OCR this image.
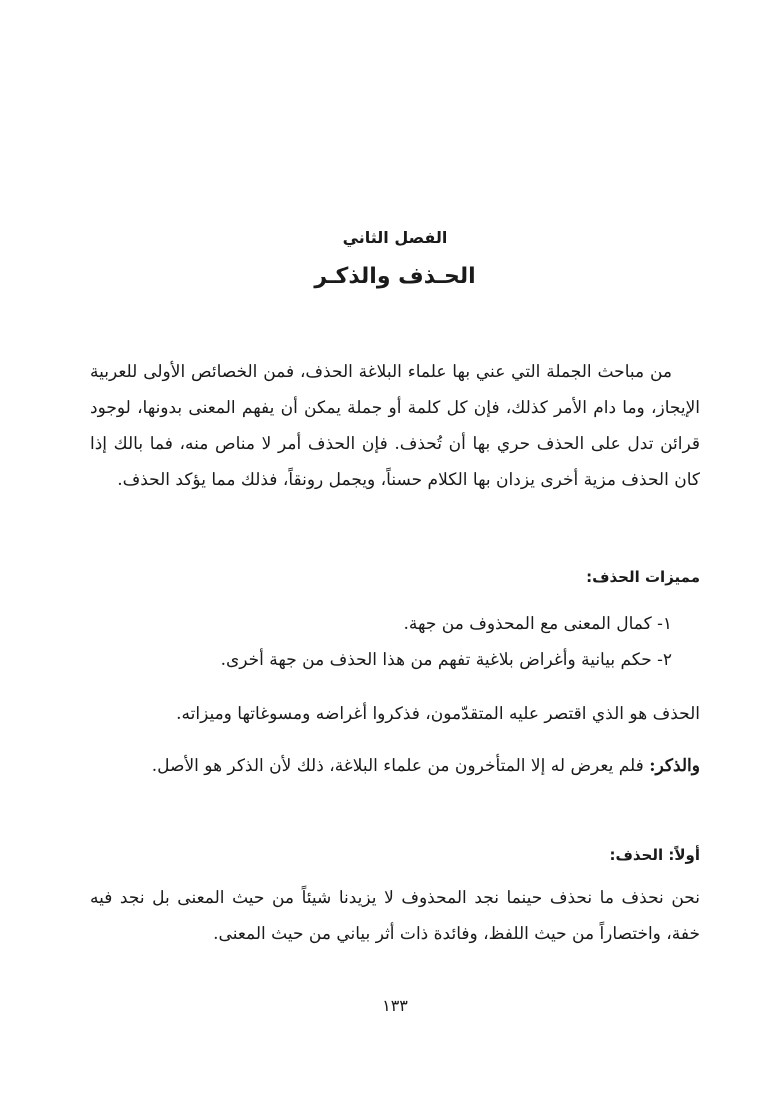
الفصل الثاني
الحـذف والذكـر
من مباحث الجملة التي عني بها علماء البلاغة الحذف، فمن الخصائص الأولى للعربية الإيجاز، وما دام الأمر كذلك، فإن كل كلمة أو جملة يمكن أن يفهم المعنى بدونها، لوجود قرائن تدل على الحذف حري بها أن تُحذف. فإن الحذف أمر لا مناص منه، فما بالك إذا كان الحذف مزية أخرى يزدان بها الكلام حسناً، ويجمل رونقاً، فذلك مما يؤكد الحذف.
مميزات الحذف:
١- كمال المعنى مع المحذوف من جهة.
٢- حكم بيانية وأغراض بلاغية تفهم من هذا الحذف من جهة أخرى.
الحذف هو الذي اقتصر عليه المتقدّمون، فذكروا أغراضه ومسوغاتها وميزاته.
والذكر: فلم يعرض له إلا المتأخرون من علماء البلاغة، ذلك لأن الذكر هو الأصل.
أولاً: الحذف:
نحن نحذف ما نحذف حينما نجد المحذوف لا يزيدنا شيئاً من حيث المعنى بل نجد فيه خفة، واختصاراً من حيث اللفظ، وفائدة ذات أثر بياني من حيث المعنى.
١٣٣
